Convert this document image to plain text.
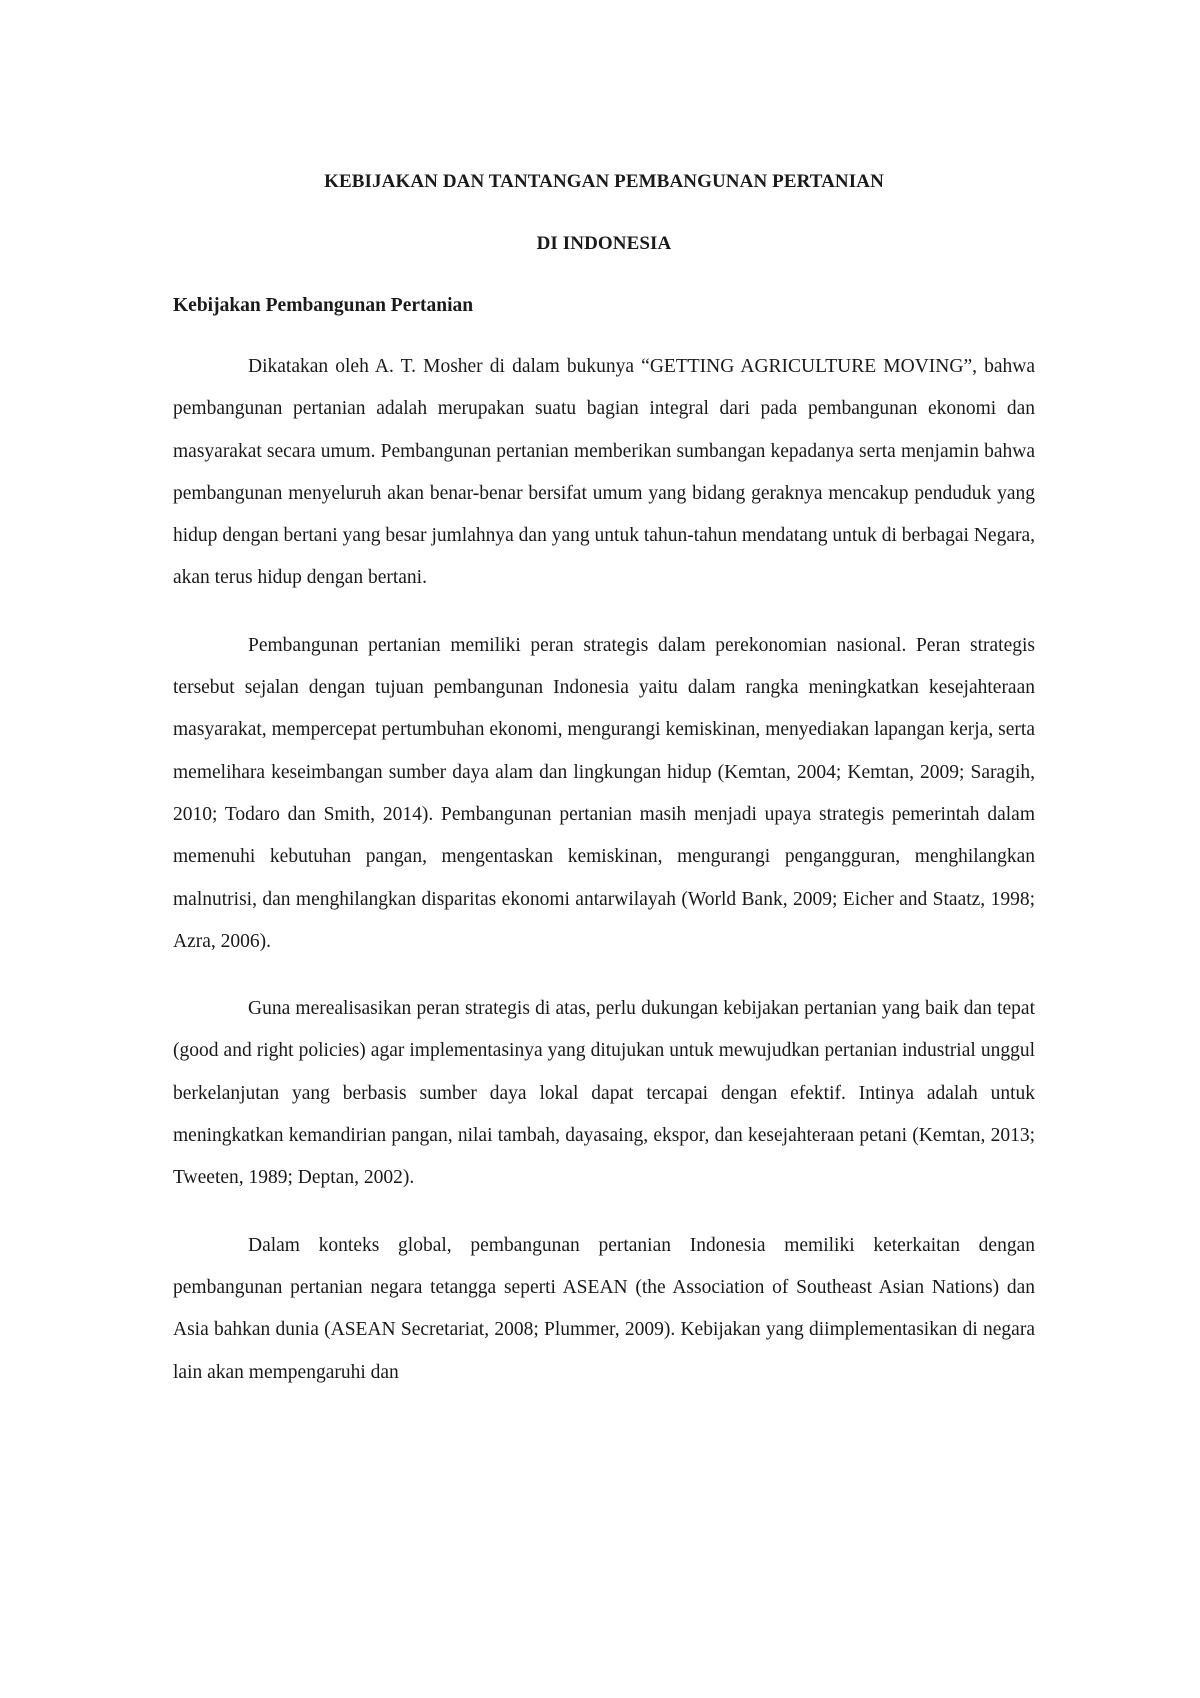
KEBIJAKAN DAN TANTANGAN PEMBANGUNAN PERTANIAN
DI INDONESIA
Kebijakan Pembangunan Pertanian

Dikatakan oleh A. T. Mosher di dalam bukunya “GETTING AGRICULTURE MOVING”, bahwa pembangunan pertanian adalah merupakan suatu bagian integral dari pada pembangunan ekonomi dan masyarakat secara umum. Pembangunan pertanian memberikan sumbangan kepadanya serta menjamin bahwa pembangunan menyeluruh akan benar-benar bersifat umum yang bidang geraknya mencakup penduduk yang hidup dengan bertani yang besar jumlahnya dan yang untuk tahun-tahun mendatang untuk di berbagai Negara, akan terus hidup dengan bertani.

Pembangunan pertanian memiliki peran strategis dalam perekonomian nasional. Peran strategis tersebut sejalan dengan tujuan pembangunan Indonesia yaitu dalam rangka meningkatkan kesejahteraan masyarakat, mempercepat pertumbuhan ekonomi, mengurangi kemiskinan, menyediakan lapangan kerja, serta memelihara keseimbangan sumber daya alam dan lingkungan hidup (Kemtan, 2004; Kemtan, 2009; Saragih, 2010; Todaro dan Smith, 2014). Pembangunan pertanian masih menjadi upaya strategis pemerintah dalam memenuhi kebutuhan pangan, mengentaskan kemiskinan, mengurangi pengangguran, menghilangkan malnutrisi, dan menghilangkan disparitas ekonomi antarwilayah (World Bank, 2009; Eicher and Staatz, 1998; Azra, 2006).

Guna merealisasikan peran strategis di atas, perlu dukungan kebijakan pertanian yang baik dan tepat (good and right policies) agar implementasinya yang ditujukan untuk mewujudkan pertanian industrial unggul berkelanjutan yang berbasis sumber daya lokal dapat tercapai dengan efektif. Intinya adalah untuk meningkatkan kemandirian pangan, nilai tambah, dayasaing, ekspor, dan kesejahteraan petani (Kemtan, 2013; Tweeten, 1989; Deptan, 2002).

Dalam konteks global, pembangunan pertanian Indonesia memiliki keterkaitan dengan pembangunan pertanian negara tetangga seperti ASEAN (the Association of Southeast Asian Nations) dan Asia bahkan dunia (ASEAN Secretariat, 2008; Plummer, 2009). Kebijakan yang diimplementasikan di negara lain akan mempengaruhi dan
